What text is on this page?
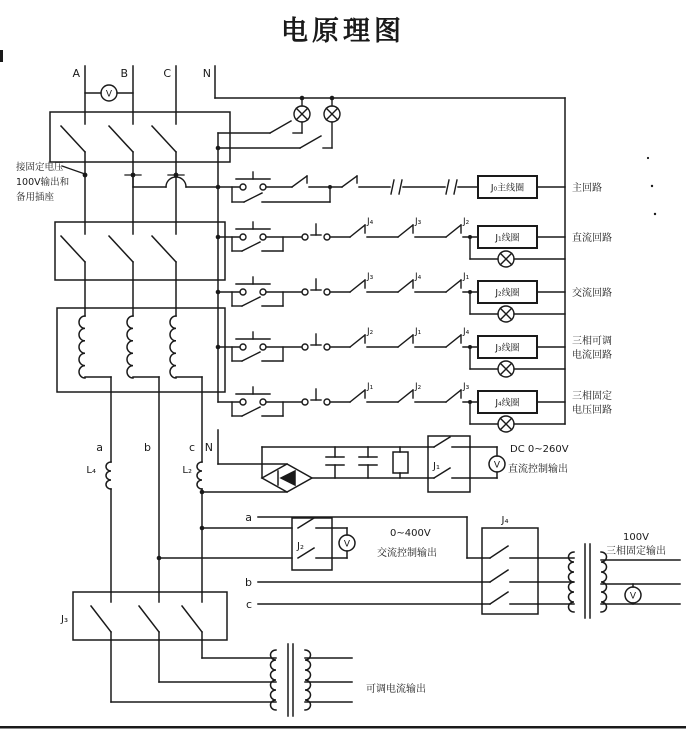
电原理图
A	B	C	N
V
接固定电压
100V输出和
备用插座
a	b	c N
L₄	L₂
J₀主线圈	主回路
J₄	J₃	J₂
J₁线圈	直流回路
J₃	J₄	J₁
J₂线圈	交流回路
J₂	J₁	J₄
J₃线圈
三相可调
电流回路
J₁	J₂	J₃
J₄线圈
三相固定
电压回路
J₁	V
DC 0~260V
直流控制输出
J₂	V
0~400V
交流控制输出
a
b
c
J₄
V
100V
三相固定输出
J₃
可调电流输出
